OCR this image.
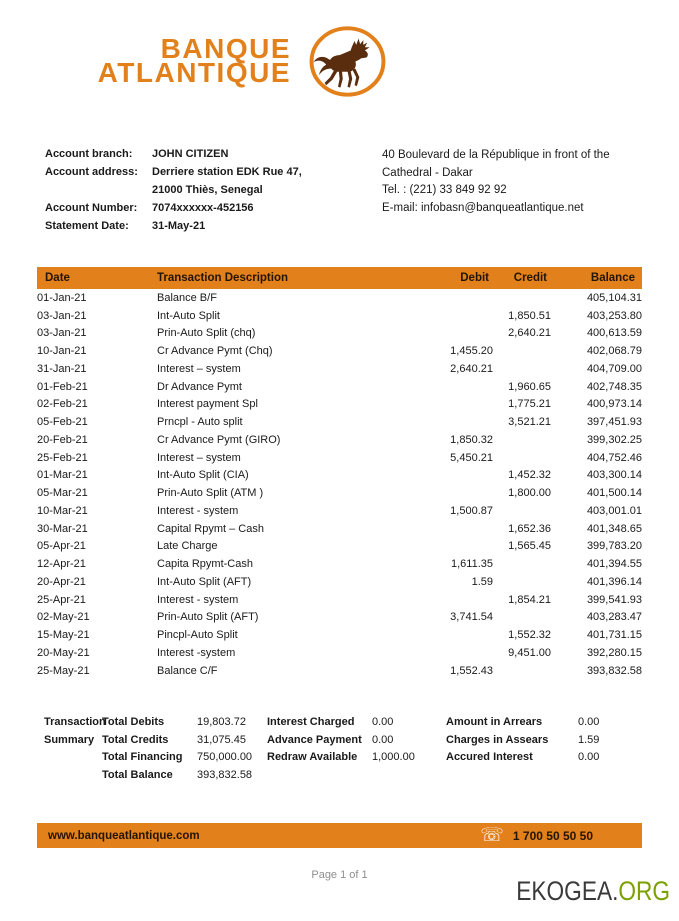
BANQUE
ATLANTIQUE
Account branch:	JOHN CITIZEN
Account address:	Derriere station EDK Rue 47,
21000 Thiès, Senegal
Account Number:	7074xxxxxx-452156
Statement Date:	31-May-21
40 Boulevard de la République in front of the
Cathedral - Dakar
Tel. : (221) 33 849 92 92
E-mail: infobasn@banqueatlantique.net
Date	Transaction Description	Debit	Credit	Balance
01-Jan-21	Balance B/F			405,104.31
03-Jan-21	Int-Auto Split		1,850.51	403,253.80
03-Jan-21	Prin-Auto Split (chq)		2,640.21	400,613.59
10-Jan-21	Cr Advance Pymt (Chq)	1,455.20		402,068.79
31-Jan-21	Interest – system	2,640.21		404,709.00
01-Feb-21	Dr Advance Pymt		1,960.65	402,748.35
02-Feb-21	Interest payment Spl		1,775.21	400,973.14
05-Feb-21	Prncpl - Auto split		3,521.21	397,451.93
20-Feb-21	Cr Advance Pymt (GIRO)	1,850.32		399,302.25
25-Feb-21	Interest – system	5,450.21		404,752.46
01-Mar-21	Int-Auto Split (CIA)		1,452.32	403,300.14
05-Mar-21	Prin-Auto Split (ATM )		1,800.00	401,500.14
10-Mar-21	Interest - system	1,500.87		403,001.01
30-Mar-21	Capital Rpymt – Cash		1,652.36	401,348.65
05-Apr-21	Late Charge		1,565.45	399,783.20
12-Apr-21	Capita Rpymt-Cash	1,611.35		401,394.55
20-Apr-21	Int-Auto Split (AFT)	1.59		401,396.14
25-Apr-21	Interest - system		1,854.21	399,541.93
02-May-21	Prin-Auto Split (AFT)	3,741.54		403,283.47
15-May-21	Pincpl-Auto Split		1,552.32	401,731.15
20-May-21	Interest -system		9,451.00	392,280.15
25-May-21	Balance C/F	1,552.43		393,832.58
Transaction
Summary
Total Debits	19,803.72
Total Credits	31,075.45
Total Financing	750,000.00
Total Balance	393,832.58
Interest Charged	0.00
Advance Payment 0.00
Redraw Available	1,000.00
Amount in Arrears	0.00
Charges in Assears	1.59
Accured Interest	0.00
www.banqueatlantique.com	☏ 1 700 50 50 50
Page 1 of 1
EKOGEA.ORG
